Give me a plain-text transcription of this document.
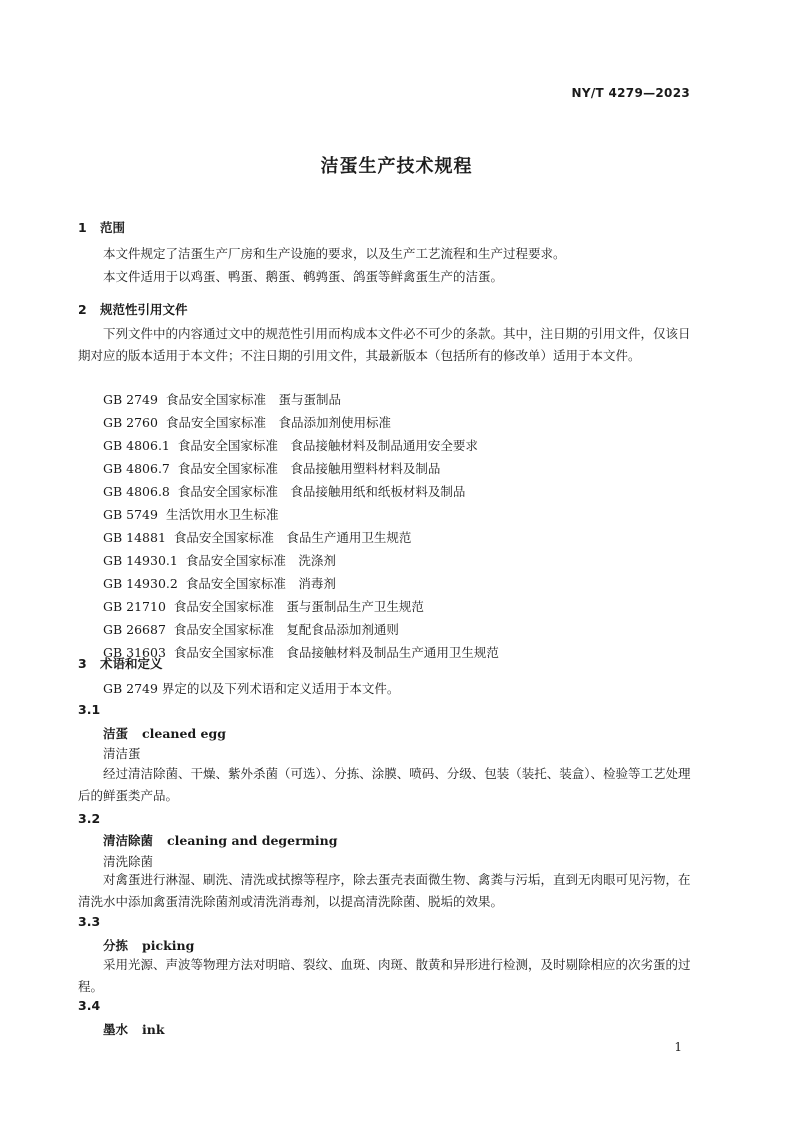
NY/T 4279—2023
洁蛋生产技术规程
1 范围
本文件规定了洁蛋生产厂房和生产设施的要求，以及生产工艺流程和生产过程要求。
本文件适用于以鸡蛋、鸭蛋、鹅蛋、鹌鹑蛋、鸽蛋等鲜禽蛋生产的洁蛋。
2 规范性引用文件
下列文件中的内容通过文中的规范性引用而构成本文件必不可少的条款。其中，注日期的引用文件，仅该日期对应的版本适用于本文件；不注日期的引用文件，其最新版本（包括所有的修改单）适用于本文件。
GB 2749 食品安全国家标准　蛋与蛋制品
GB 2760 食品安全国家标准　食品添加剂使用标准
GB 4806.1 食品安全国家标准　食品接触材料及制品通用安全要求
GB 4806.7 食品安全国家标准　食品接触用塑料材料及制品
GB 4806.8 食品安全国家标准　食品接触用纸和纸板材料及制品
GB 5749 生活饮用水卫生标准
GB 14881 食品安全国家标准　食品生产通用卫生规范
GB 14930.1 食品安全国家标准　洗涤剂
GB 14930.2 食品安全国家标准　消毒剂
GB 21710 食品安全国家标准　蛋与蛋制品生产卫生规范
GB 26687 食品安全国家标准　复配食品添加剂通则
GB 31603 食品安全国家标准　食品接触材料及制品生产通用卫生规范
3 术语和定义
GB 2749 界定的以及下列术语和定义适用于本文件。
3.1
洁蛋 cleaned egg
清洁蛋
经过清洁除菌、干燥、紫外杀菌（可选）、分拣、涂膜、喷码、分级、包装（装托、装盒）、检验等工艺处理后的鲜蛋类产品。
3.2
清洁除菌 cleaning and degerming
清洗除菌
对禽蛋进行淋湿、刷洗、清洗或拭擦等程序，除去蛋壳表面微生物、禽粪与污垢，直到无肉眼可见污物，在清洗水中添加禽蛋清洗除菌剂或清洗消毒剂，以提高清洗除菌、脱垢的效果。
3.3
分拣 picking
采用光源、声波等物理方法对明暗、裂纹、血斑、肉斑、散黄和异形进行检测，及时剔除相应的次劣蛋的过程。
3.4
墨水 ink
1
